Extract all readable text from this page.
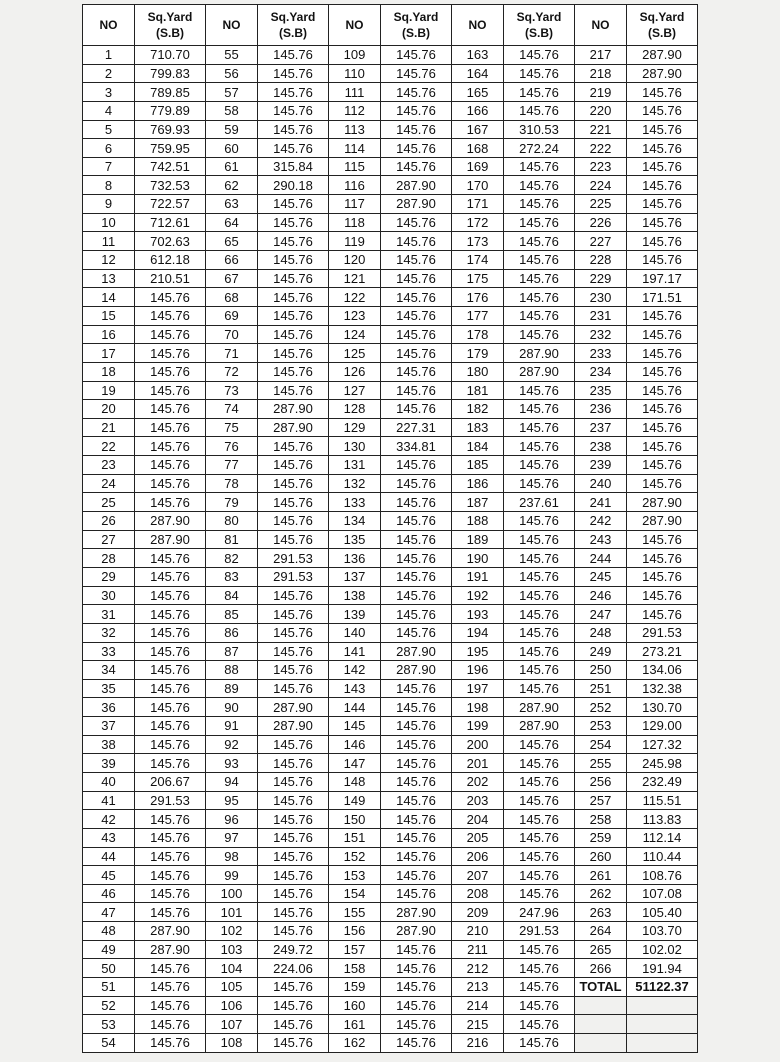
NO	Sq.Yard
(S.B)	NO	Sq.Yard
(S.B)	NO	Sq.Yard
(S.B)	NO	Sq.Yard
(S.B)	NO	Sq.Yard
(S.B)

1	710.70	55	145.76	109	145.76	163	145.76	217	287.90
2	799.83	56	145.76	110	145.76	164	145.76	218	287.90
3	789.85	57	145.76	111	145.76	165	145.76	219	145.76
4	779.89	58	145.76	112	145.76	166	145.76	220	145.76
5	769.93	59	145.76	113	145.76	167	310.53	221	145.76
6	759.95	60	145.76	114	145.76	168	272.24	222	145.76
7	742.51	61	315.84	115	145.76	169	145.76	223	145.76
8	732.53	62	290.18	116	287.90	170	145.76	224	145.76
9	722.57	63	145.76	117	287.90	171	145.76	225	145.76
10	712.61	64	145.76	118	145.76	172	145.76	226	145.76
11	702.63	65	145.76	119	145.76	173	145.76	227	145.76
12	612.18	66	145.76	120	145.76	174	145.76	228	145.76
13	210.51	67	145.76	121	145.76	175	145.76	229	197.17
14	145.76	68	145.76	122	145.76	176	145.76	230	171.51
15	145.76	69	145.76	123	145.76	177	145.76	231	145.76
16	145.76	70	145.76	124	145.76	178	145.76	232	145.76
17	145.76	71	145.76	125	145.76	179	287.90	233	145.76
18	145.76	72	145.76	126	145.76	180	287.90	234	145.76
19	145.76	73	145.76	127	145.76	181	145.76	235	145.76
20	145.76	74	287.90	128	145.76	182	145.76	236	145.76
21	145.76	75	287.90	129	227.31	183	145.76	237	145.76
22	145.76	76	145.76	130	334.81	184	145.76	238	145.76
23	145.76	77	145.76	131	145.76	185	145.76	239	145.76
24	145.76	78	145.76	132	145.76	186	145.76	240	145.76
25	145.76	79	145.76	133	145.76	187	237.61	241	287.90
26	287.90	80	145.76	134	145.76	188	145.76	242	287.90
27	287.90	81	145.76	135	145.76	189	145.76	243	145.76
28	145.76	82	291.53	136	145.76	190	145.76	244	145.76
29	145.76	83	291.53	137	145.76	191	145.76	245	145.76
30	145.76	84	145.76	138	145.76	192	145.76	246	145.76
31	145.76	85	145.76	139	145.76	193	145.76	247	145.76
32	145.76	86	145.76	140	145.76	194	145.76	248	291.53
33	145.76	87	145.76	141	287.90	195	145.76	249	273.21
34	145.76	88	145.76	142	287.90	196	145.76	250	134.06
35	145.76	89	145.76	143	145.76	197	145.76	251	132.38
36	145.76	90	287.90	144	145.76	198	287.90	252	130.70
37	145.76	91	287.90	145	145.76	199	287.90	253	129.00
38	145.76	92	145.76	146	145.76	200	145.76	254	127.32
39	145.76	93	145.76	147	145.76	201	145.76	255	245.98
40	206.67	94	145.76	148	145.76	202	145.76	256	232.49
41	291.53	95	145.76	149	145.76	203	145.76	257	115.51
42	145.76	96	145.76	150	145.76	204	145.76	258	113.83
43	145.76	97	145.76	151	145.76	205	145.76	259	112.14
44	145.76	98	145.76	152	145.76	206	145.76	260	110.44
45	145.76	99	145.76	153	145.76	207	145.76	261	108.76
46	145.76	100	145.76	154	145.76	208	145.76	262	107.08
47	145.76	101	145.76	155	287.90	209	247.96	263	105.40
48	287.90	102	145.76	156	287.90	210	291.53	264	103.70
49	287.90	103	249.72	157	145.76	211	145.76	265	102.02
50	145.76	104	224.06	158	145.76	212	145.76	266	191.94
51	145.76	105	145.76	159	145.76	213	145.76	TOTAL	51122.37
52	145.76	106	145.76	160	145.76	214	145.76		
53	145.76	107	145.76	161	145.76	215	145.76		
54	145.76	108	145.76	162	145.76	216	145.76		
